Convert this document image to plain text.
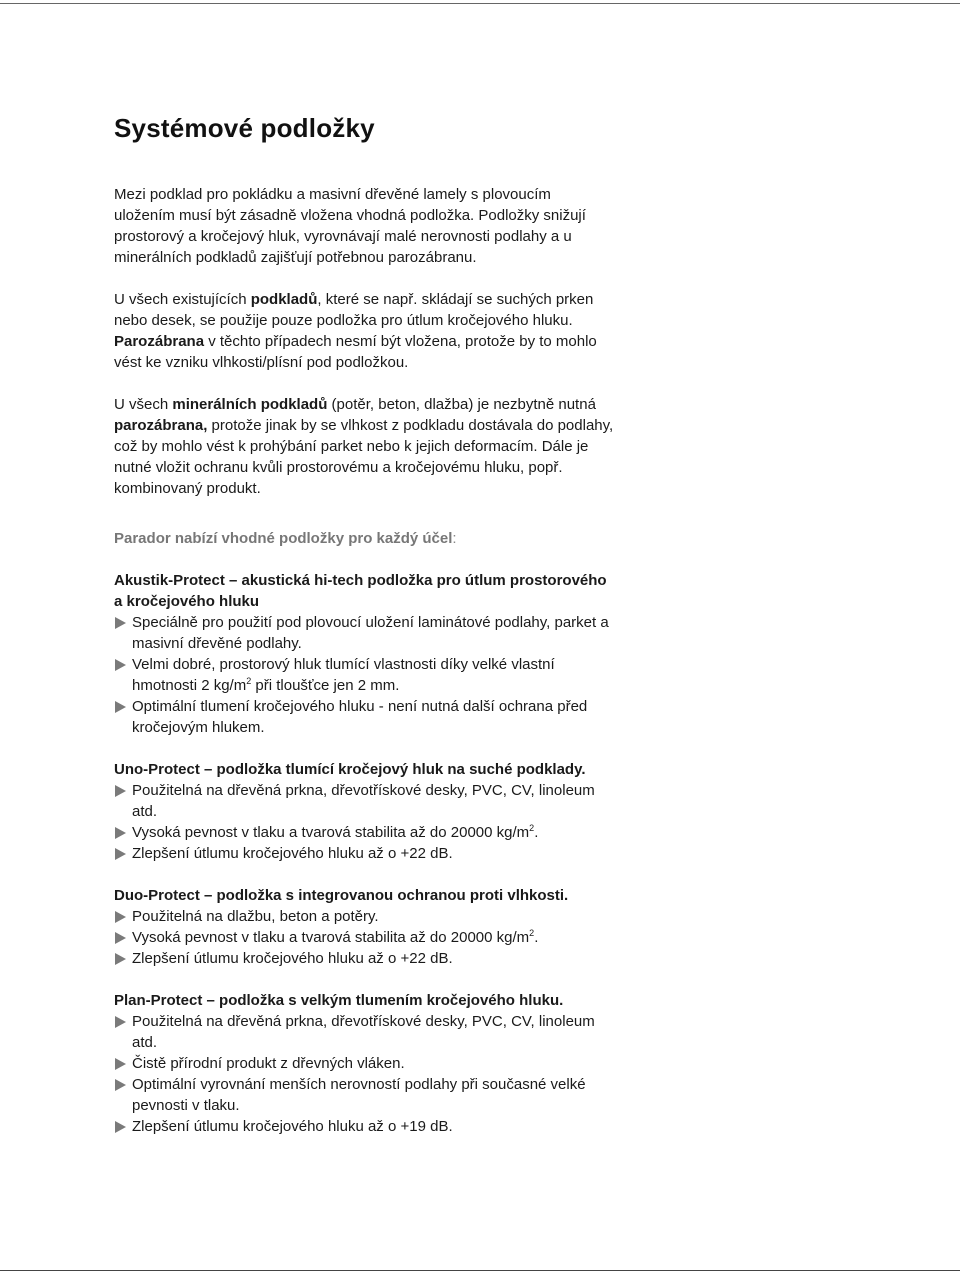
Systémové podložky

Mezi podklad pro pokládku a masivní dřevěné lamely s plovoucím uložením musí být zásadně vložena vhodná podložka. Podložky snižují prostorový a kročejový hluk, vyrovnávají malé nerovnosti podlahy a u minerálních podkladů zajišťují potřebnou parozábranu.

U všech existujících podkladů, které se např. skládají se suchých prken nebo desek, se použije pouze podložka pro útlum kročejového hluku. Parozábrana v těchto případech nesmí být vložena, protože by to mohlo vést ke vzniku vlhkosti/plísní pod podložkou.

U všech minerálních podkladů (potěr, beton, dlažba) je nezbytně nutná parozábrana, protože jinak by se vlhkost z podkladu dostávala do podlahy, což by mohlo vést k prohýbání parket nebo k jejich deformacím. Dále je nutné vložit ochranu kvůli prostorovému a kročejovému hluku, popř. kombinovaný produkt.

Parador nabízí vhodné podložky pro každý účel:

Akustik-Protect – akustická hi-tech podložka pro útlum prostorového a kročejového hluku
Speciálně pro použití pod plovoucí uložení laminátové podlahy, parket a masivní dřevěné podlahy.
Velmi dobré, prostorový hluk tlumící vlastnosti díky velké vlastní hmotnosti 2 $kg/m^2$ při tloušťce jen 2 mm.
Optimální tlumení kročejového hluku - není nutná další ochrana před kročejovým hlukem.
Uno-Protect – podložka tlumící kročejový hluk na suché podklady.
Použitelná na dřevěná prkna, dřevotřískové desky, PVC, CV, linoleum atd.
Vysoká pevnost v tlaku a tvarová stabilita až do 20000 $kg/m^2$.
Zlepšení útlumu kročejového hluku až o +22 dB.
Duo-Protect – podložka s integrovanou ochranou proti vlhkosti.
Použitelná na dlažbu, beton a potěry.
Vysoká pevnost v tlaku a tvarová stabilita až do 20000 $kg/m^2$.
Zlepšení útlumu kročejového hluku až o +22 dB.
Plan-Protect – podložka s velkým tlumením kročejového hluku.
Použitelná na dřevěná prkna, dřevotřískové desky, PVC, CV, linoleum atd.
Čistě přírodní produkt z dřevných vláken.
Optimální vyrovnání menších nerovností podlahy při současné velké pevnosti v tlaku.
Zlepšení útlumu kročejového hluku až o +19 dB.
